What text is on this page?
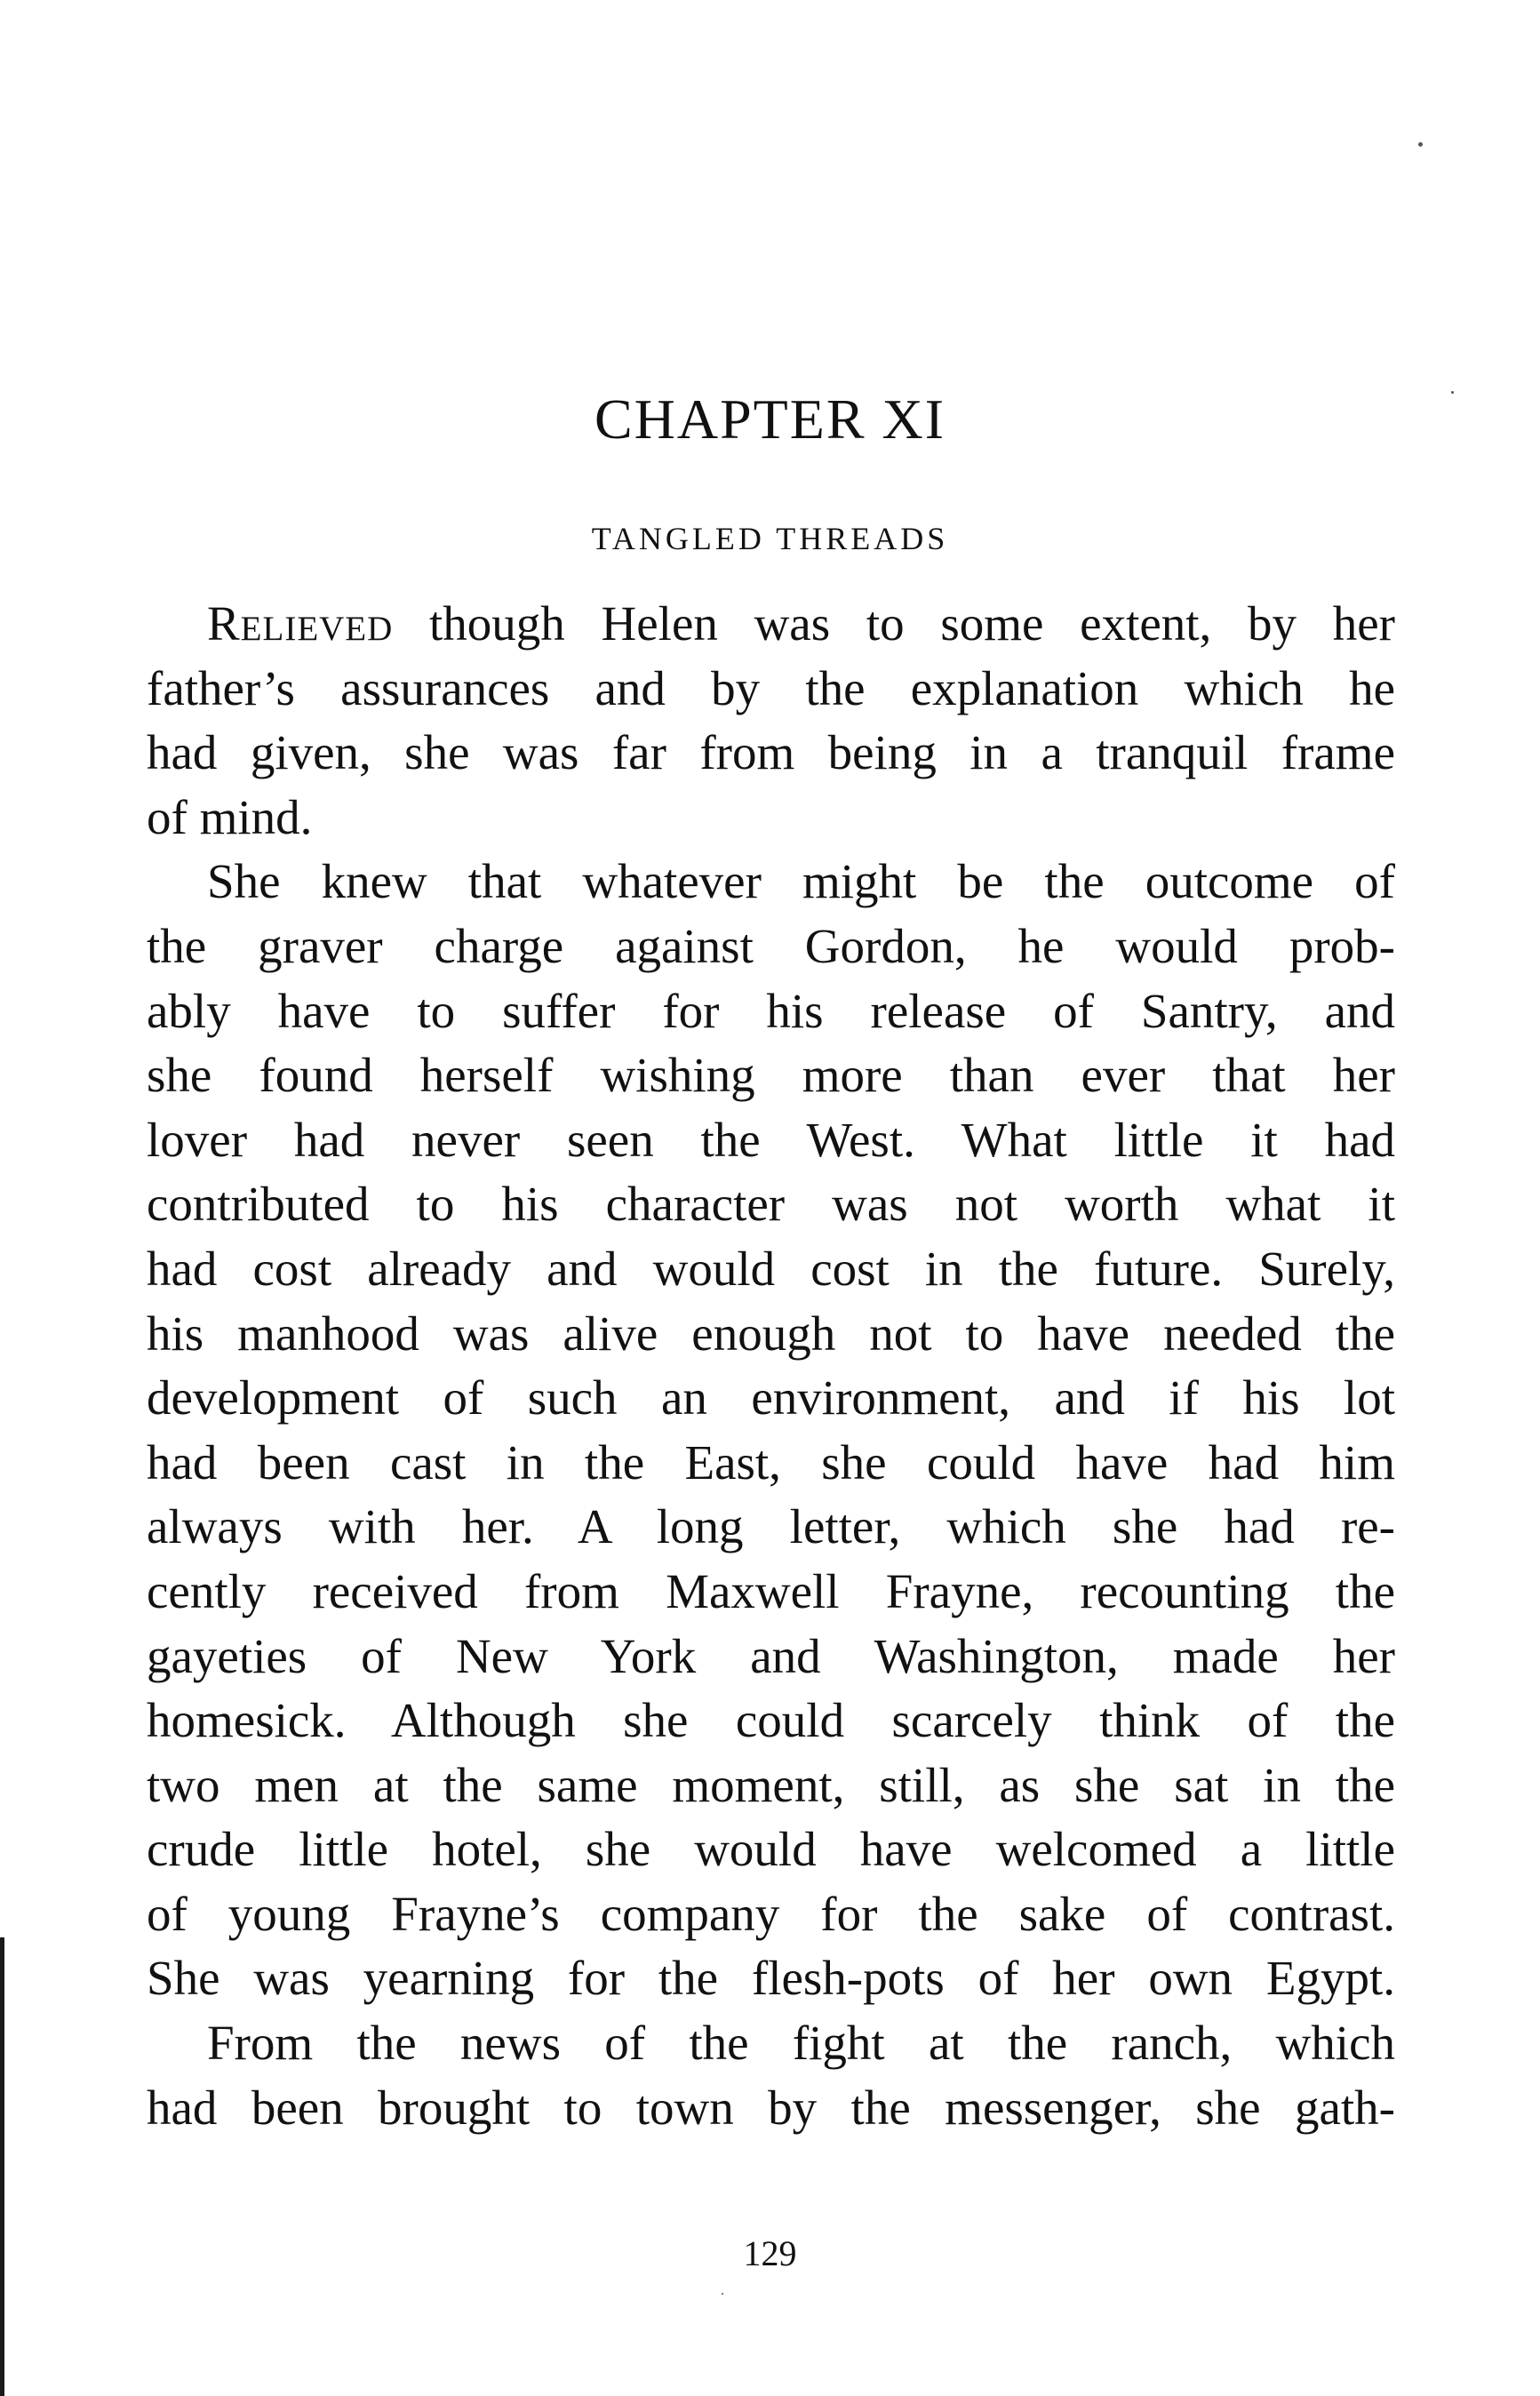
CHAPTER XI
TANGLED THREADS
Relieved though Helen was to some extent, by her
father’s assurances and by the explanation which he
had given, she was far from being in a tranquil frame
of mind.
She knew that whatever might be the outcome of
the graver charge against Gordon, he would prob-
ably have to suffer for his release of Santry, and
she found herself wishing more than ever that her
lover had never seen the West. What little it had
contributed to his character was not worth what it
had cost already and would cost in the future. Surely,
his manhood was alive enough not to have needed the
development of such an environment, and if his lot
had been cast in the East, she could have had him
always with her. A long letter, which she had re-
cently received from Maxwell Frayne, recounting the
gayeties of New York and Washington, made her
homesick. Although she could scarcely think of the
two men at the same moment, still, as she sat in the
crude little hotel, she would have welcomed a little
of young Frayne’s company for the sake of contrast.
She was yearning for the flesh-pots of her own Egypt.
From the news of the fight at the ranch, which
had been brought to town by the messenger, she gath-
129
